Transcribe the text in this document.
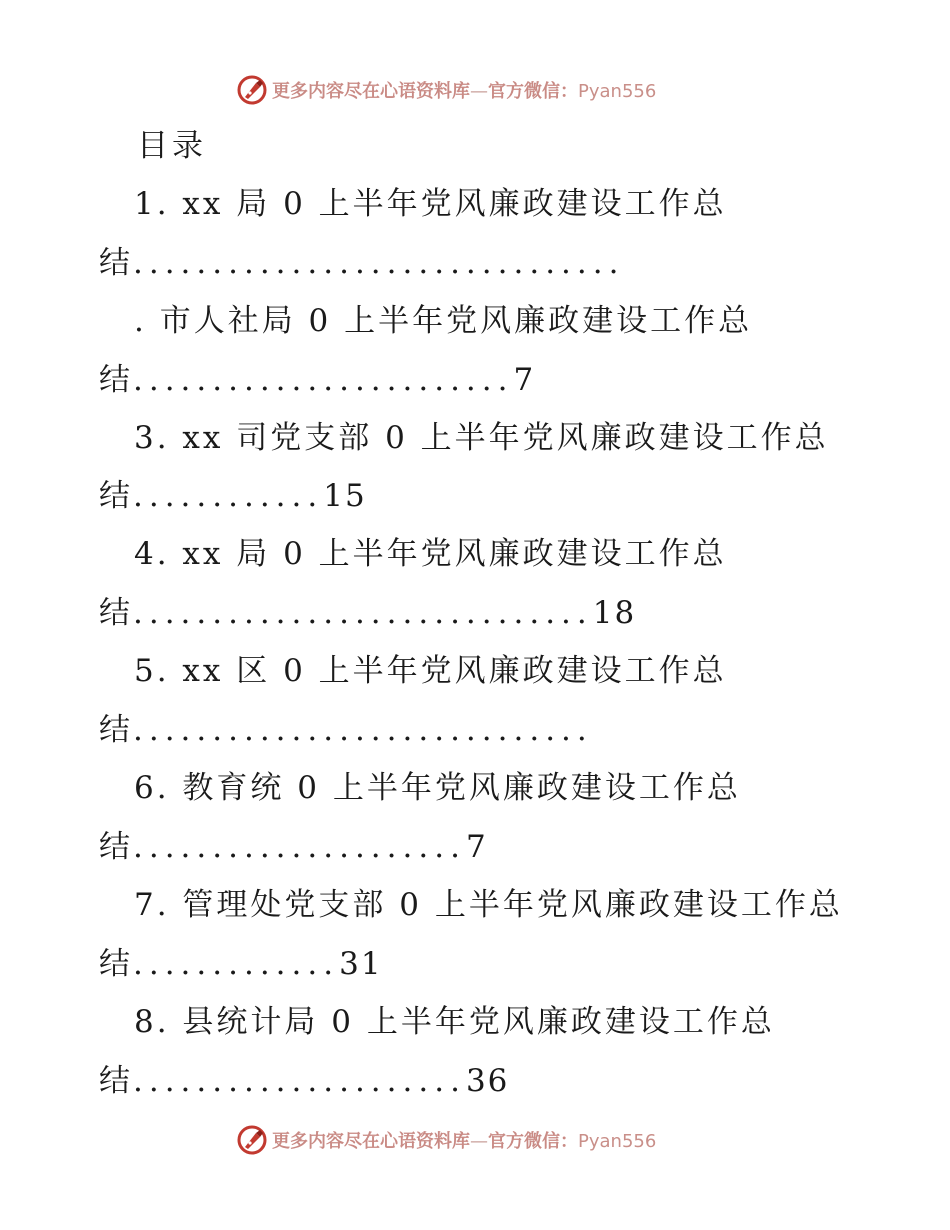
更多内容尽在心语资料库—官方微信：Pyan556
目录
1. xx 局 0 上半年党风廉政建设工作总
结...............................
. 市人社局 0 上半年党风廉政建设工作总
结........................7
3. xx 司党支部 0 上半年党风廉政建设工作总
结............15
4. xx 局 0 上半年党风廉政建设工作总
结.............................18
5. xx 区 0 上半年党风廉政建设工作总
结.............................
6. 教育统 0 上半年党风廉政建设工作总
结.....................7
7. 管理处党支部 0 上半年党风廉政建设工作总
结.............31
8. 县统计局 0 上半年党风廉政建设工作总
结.....................36
更多内容尽在心语资料库—官方微信：Pyan556
